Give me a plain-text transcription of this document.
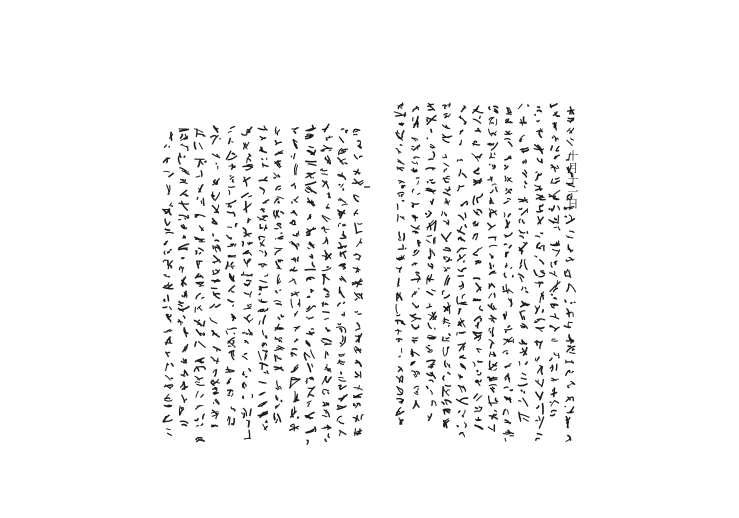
十月十一日
